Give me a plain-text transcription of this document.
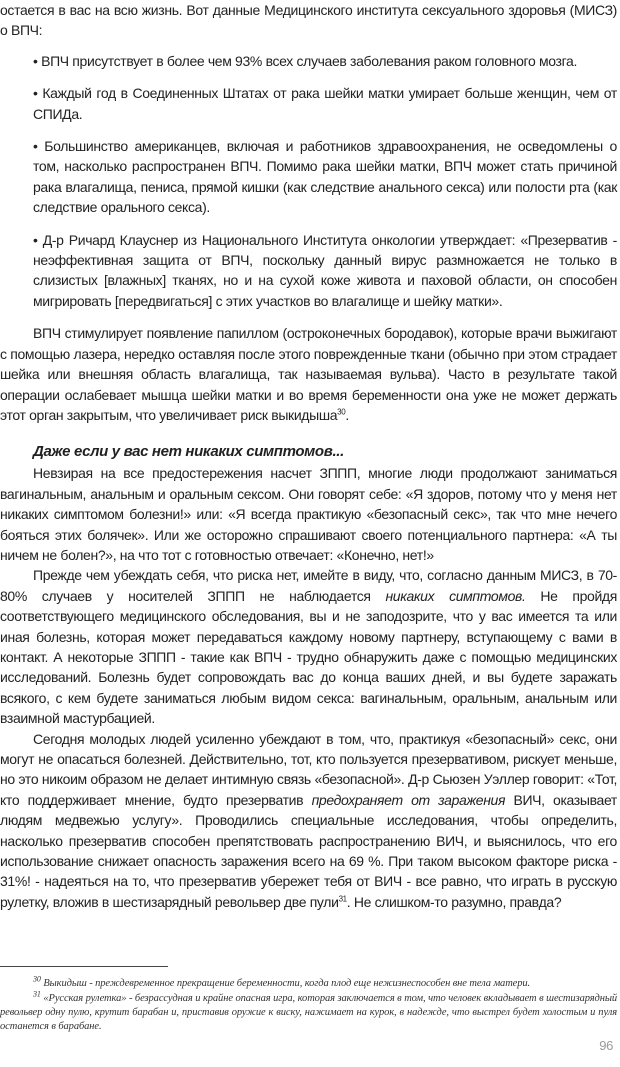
остается в вас на всю жизнь. Вот данные Медицинского института сексуального здоровья (МИСЗ) о ВПЧ:

• ВПЧ присутствует в более чем 93% всех случаев заболевания раком головного мозга.

• Каждый год в Соединенных Штатах от рака шейки матки умирает больше женщин, чем от СПИДа.

• Большинство американцев, включая и работников здравоохранения, не осведомлены о том, насколько распространен ВПЧ. Помимо рака шейки матки, ВПЧ может стать причиной рака влагалища, пениса, прямой кишки (как следствие анального секса) или полости рта (как следствие орального секса).

• Д-р Ричард Клауснер из Национального Института онкологии утверждает: «Презерватив - неэффективная защита от ВПЧ, поскольку данный вирус размножается не только в слизистых [влажных] тканях, но и на сухой коже живота и паховой области, он способен мигрировать [передвигаться] с этих участков во влагалище и шейку матки».

ВПЧ стимулирует появление папиллом (остроконечных бородавок), которые врачи выжигают с помощью лазера, нередко оставляя после этого поврежденные ткани (обычно при этом страдает шейка или внешняя область влагалища, так называемая вульва). Часто в результате такой операции ослабевает мышца шейки матки и во время беременности она уже не может держать этот орган закрытым, что увеличивает риск выкидыша$^{30}$.

Даже если у вас нет никаких симптомов...

Невзирая на все предостережения насчет ЗППП, многие люди продолжают заниматься вагинальным, анальным и оральным сексом. Они говорят себе: «Я здоров, потому что у меня нет никаких симптомом болезни!» или: «Я всегда практикую «безопасный секс», так что мне нечего бояться этих болячек». Или же осторожно спрашивают своего потенциального партнера: «А ты ничем не болен?», на что тот с готовностью отвечает: «Конечно, нет!»

Прежде чем убеждать себя, что риска нет, имейте в виду, что, согласно данным МИСЗ, в 70-80% случаев у носителей ЗППП не наблюдается никаких симптомов. Не пройдя соответствующего медицинского обследования, вы и не заподозрите, что у вас имеется та или иная болезнь, которая может передаваться каждому новому партнеру, вступающему с вами в контакт. А некоторые ЗППП - такие как ВПЧ - трудно обнаружить даже с помощью медицинских исследований. Болезнь будет сопровождать вас до конца ваших дней, и вы будете заражать всякого, с кем будете заниматься любым видом секса: вагинальным, оральным, анальным или взаимной мастурбацией.

Сегодня молодых людей усиленно убеждают в том, что, практикуя «безопасный» секс, они могут не опасаться болезней. Действительно, тот, кто пользуется презервативом, рискует меньше, но это никоим образом не делает интимную связь «безопасной». Д-р Сьюзен Уэллер говорит: «Тот, кто поддерживает мнение, будто презерватив предохраняет от заражения ВИЧ, оказывает людям медвежью услугу». Проводились специальные исследования, чтобы определить, насколько презерватив способен препятствовать распространению ВИЧ, и выяснилось, что его использование снижает опасность заражения всего на 69 %. При таком высоком факторе риска - 31%! - надеяться на то, что презерватив убережет тебя от ВИЧ - все равно, что играть в русскую рулетку, вложив в шестизарядный револьвер две пули$^{31}$. Не слишком-то разумно, правда?

$^{30}$ Выкидыш - преждевременное прекращение беременности, когда плод еще нежизнеспособен вне тела матери.

$^{31}$ «Русская рулетка» - безрассудная и крайне опасная игра, которая заключается в том, что человек вкладывает в шестизарядный револьвер одну пулю, крутит барабан и, приставив оружие к виску, нажимает на курок, в надежде, что выстрел будет холостым и пуля останется в барабане.

96
